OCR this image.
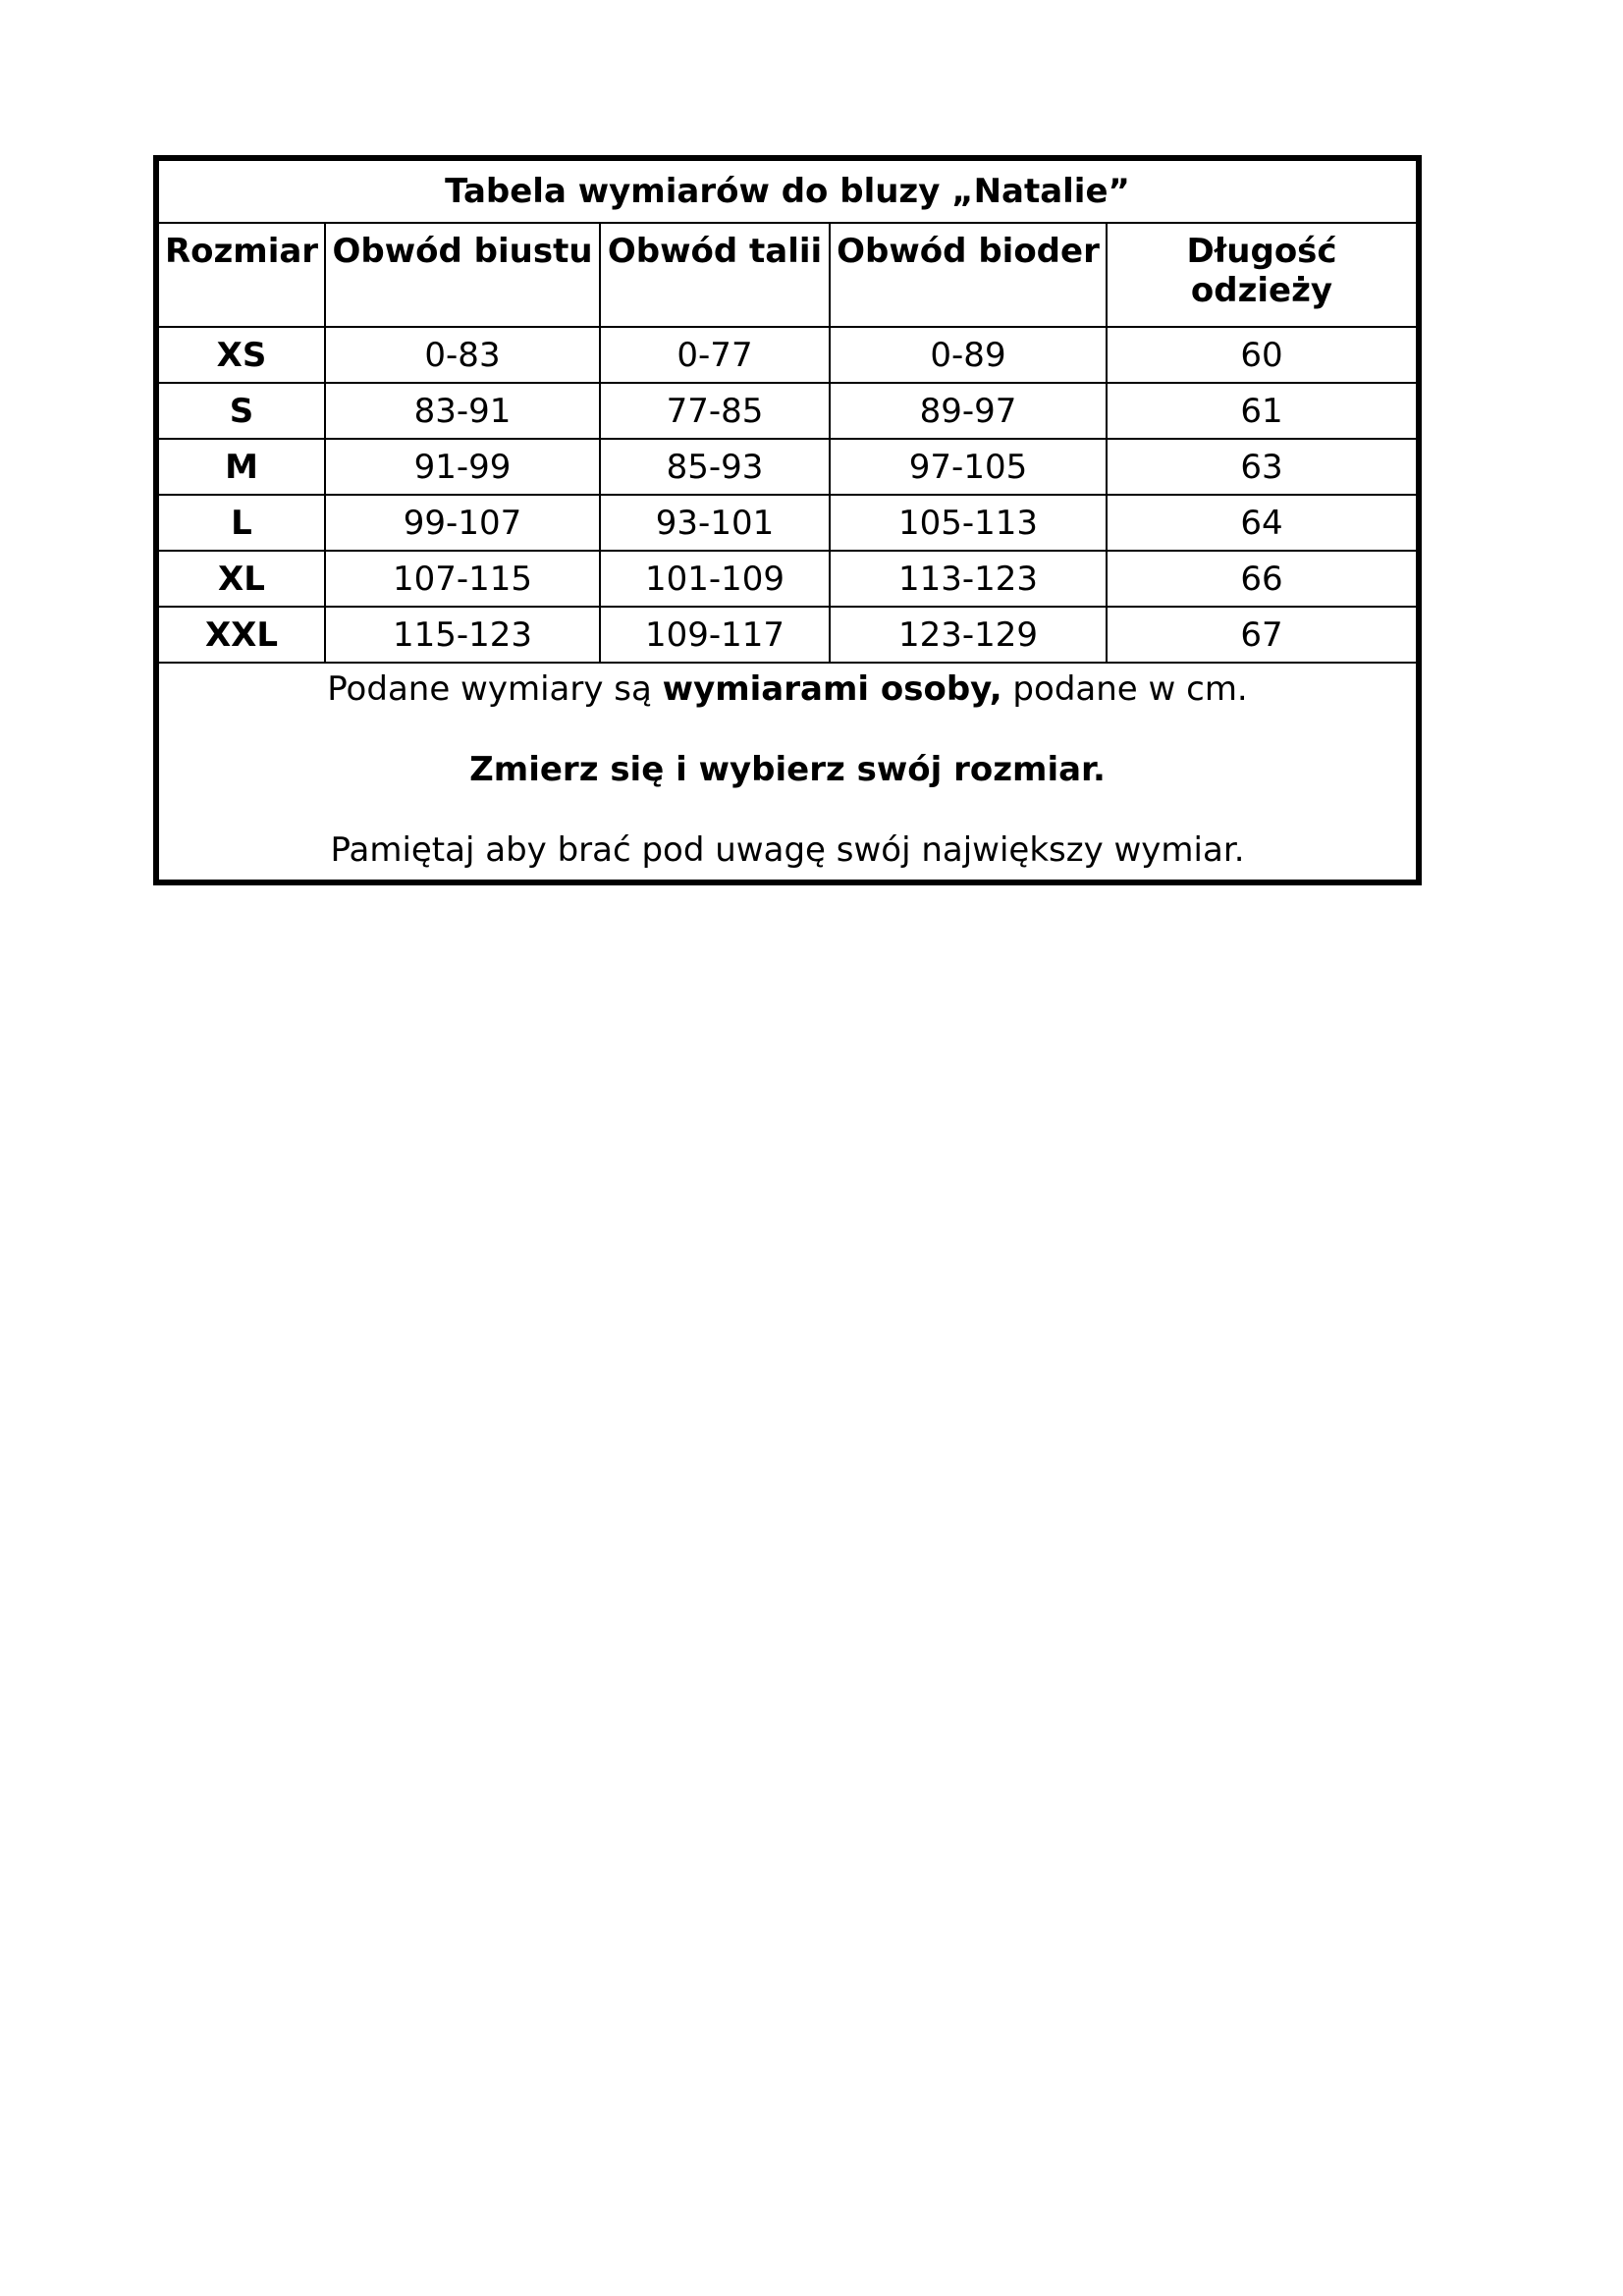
Tabela wymiarów do bluzy „Natalie”				
Rozmiar	Obwód biustu	Obwód talii	Obwód bioder	Długość odzieży
XS	0-83	0-77	0-89	60
S	83-91	77-85	89-97	61
M	91-99	85-93	97-105	63
L	99-107	93-101	105-113	64
XL	107-115	101-109	113-123	66
XXL	115-123	109-117	123-129	67

Podane wymiary są wymiarami osoby, podane w cm.

Zmierz się i wybierz swój rozmiar.

Pamiętaj aby brać pod uwagę swój największy wymiar.				
